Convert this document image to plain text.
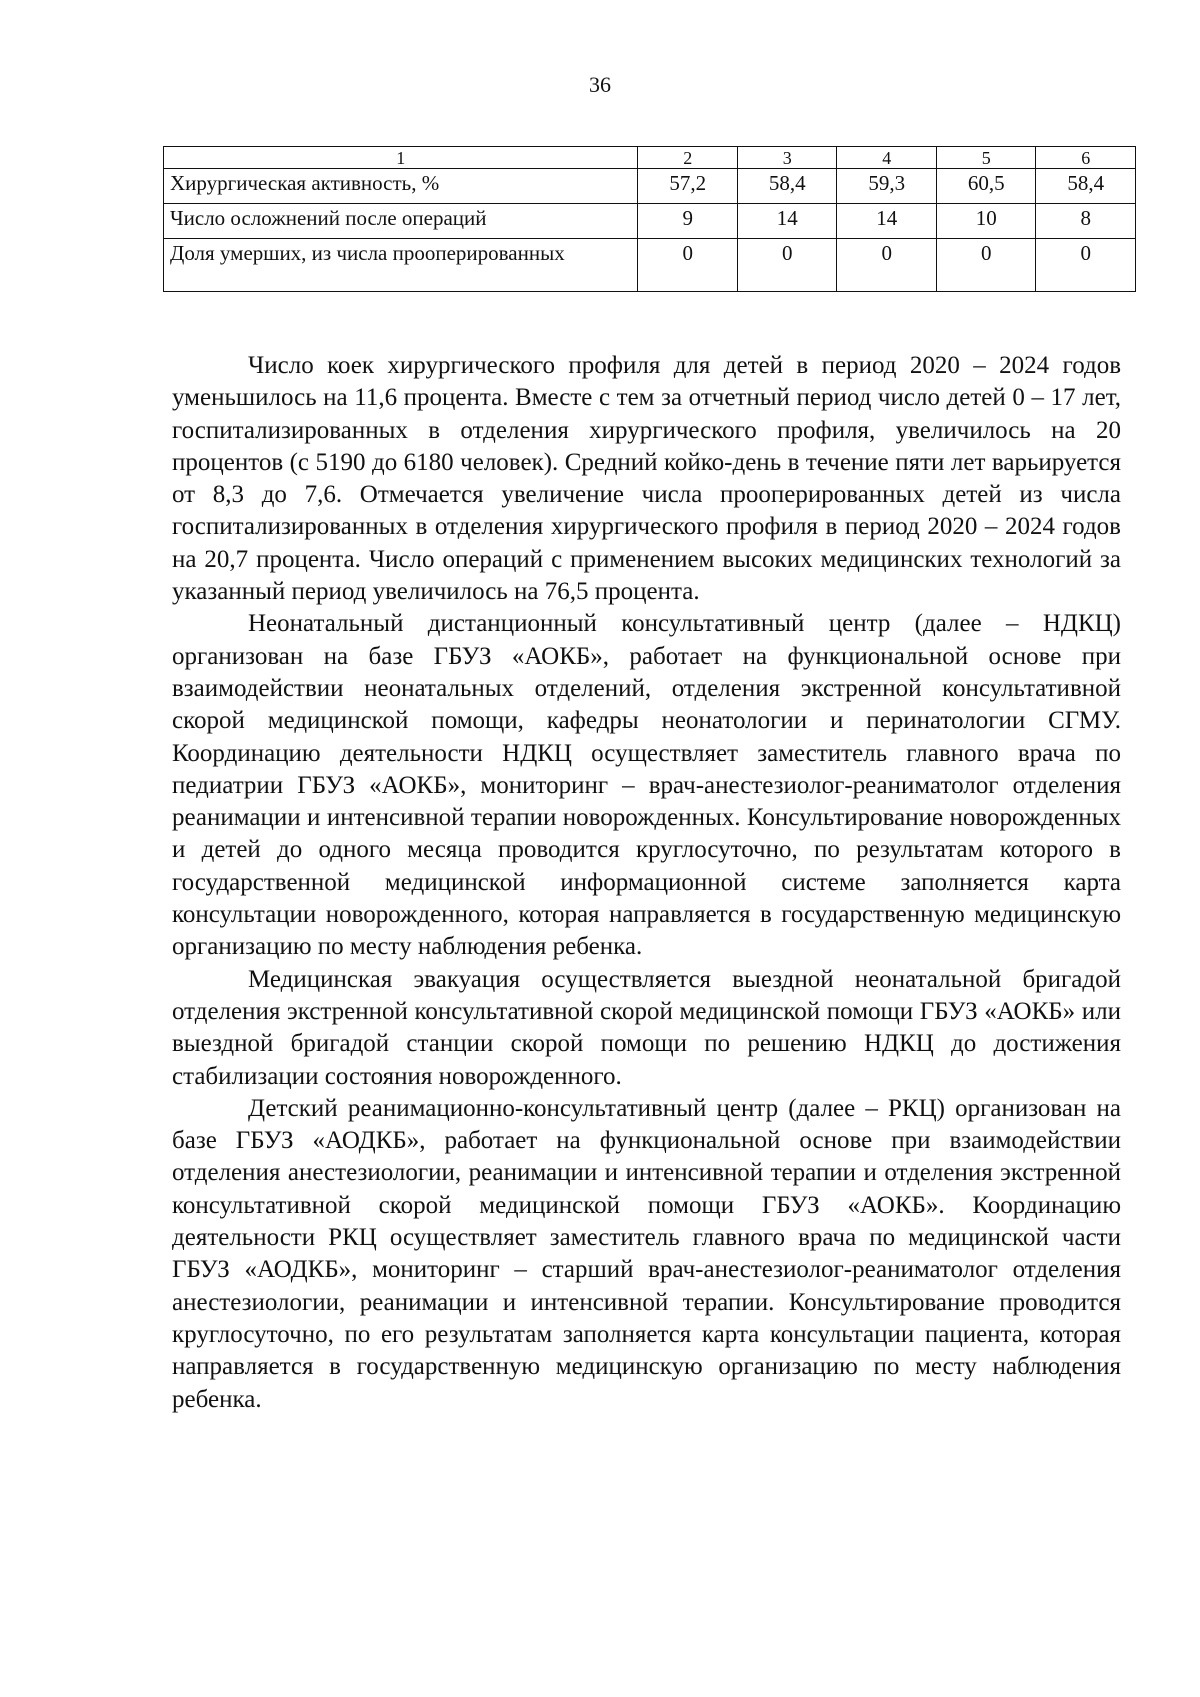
36
1	2	3	4	5	6
Хирургическая активность, %	57,2	58,4	59,3	60,5	58,4
Число осложнений после операций	9	14	14	10	8
Доля умерших, из числа прооперированных	0	0	0	0	0

Число коек хирургического профиля для детей в период 2020 – 2024 годов уменьшилось на 11,6 процента. Вместе с тем за отчетный период число детей 0 – 17 лет, госпитализированных в отделения хирургического профиля, увеличилось на 20 процентов (с 5190 до 6180 человек). Средний койко-день в течение пяти лет варьируется от 8,3 до 7,6. Отмечается увеличение числа прооперированных детей из числа госпитализированных в отделения хирургического профиля в период 2020 – 2024 годов на 20,7 процента. Число операций с применением высоких медицинских технологий за указанный период увеличилось на 76,5 процента.

Неонатальный дистанционный консультативный центр (далее – НДКЦ) организован на базе ГБУЗ «АОКБ», работает на функциональной основе при взаимодействии неонатальных отделений, отделения экстренной консультативной скорой медицинской помощи, кафедры неонатологии и перинатологии СГМУ. Координацию деятельности НДКЦ осуществляет заместитель главного врача по педиатрии ГБУЗ «АОКБ», мониторинг – врач-анестезиолог-реаниматолог отделения реанимации и интенсивной терапии новорожденных. Консультирование новорожденных и детей до одного месяца проводится круглосуточно, по результатам которого в государственной медицинской информационной системе заполняется карта консультации новорожденного, которая направляется в государственную медицинскую организацию по месту наблюдения ребенка.

Медицинская эвакуация осуществляется выездной неонатальной бригадой отделения экстренной консультативной скорой медицинской помощи ГБУЗ «АОКБ» или выездной бригадой станции скорой помощи по решению НДКЦ до достижения стабилизации состояния новорожденного.

Детский реанимационно-консультативный центр (далее – РКЦ) организован на базе ГБУЗ «АОДКБ», работает на функциональной основе при взаимодействии отделения анестезиологии, реанимации и интенсивной терапии и отделения экстренной консультативной скорой медицинской помощи ГБУЗ «АОКБ». Координацию деятельности РКЦ осуществляет заместитель главного врача по медицинской части ГБУЗ «АОДКБ», мониторинг – старший врач-анестезиолог-реаниматолог отделения анестезиологии, реанимации и интенсивной терапии. Консультирование проводится круглосуточно, по его результатам заполняется карта консультации пациента, которая направляется в государственную медицинскую организацию по месту наблюдения ребенка.
